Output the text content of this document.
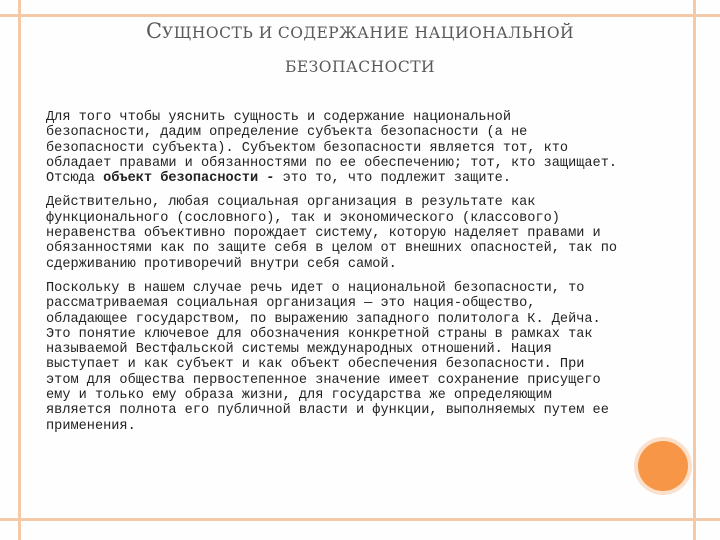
СУЩНОСТЬ И СОДЕРЖАНИЕ НАЦИОНАЛЬНОЙ
БЕЗОПАСНОСТИ

Для того чтобы уяснить сущность и содержание национальной безопасности, дадим определение субъекта безопасности (а не безопасности субъекта). Субъектом безопасности является тот, кто обладает правами и обязанностями по ее обеспечению; тот, кто защищает. Отсюда объект безопасности - это то, что подлежит защите.

Действительно, любая социальная организация в результате как функционального (сословного), так и экономического (классового) неравенства объективно порождает систему, которую наделяет правами и обязанностями как по защите себя в целом от внешних опасностей, так по сдерживанию противоречий внутри себя самой.

Поскольку в нашем случае речь идет о национальной безопасности, то рассматриваемая социальная организация — это нация-общество, обладающее государством, по выражению западного политолога К. Дейча. Это понятие ключевое для обозначения конкретной страны в рамках так называемой Вестфальской системы международных отношений. Нация выступает и как субъект и как объект обеспечения безопасности. При этом для общества первостепенное значение имеет сохранение присущего ему и только ему образа жизни, для государства же определяющим является полнота его публичной власти и функции, выполняемых путем ее применения.
